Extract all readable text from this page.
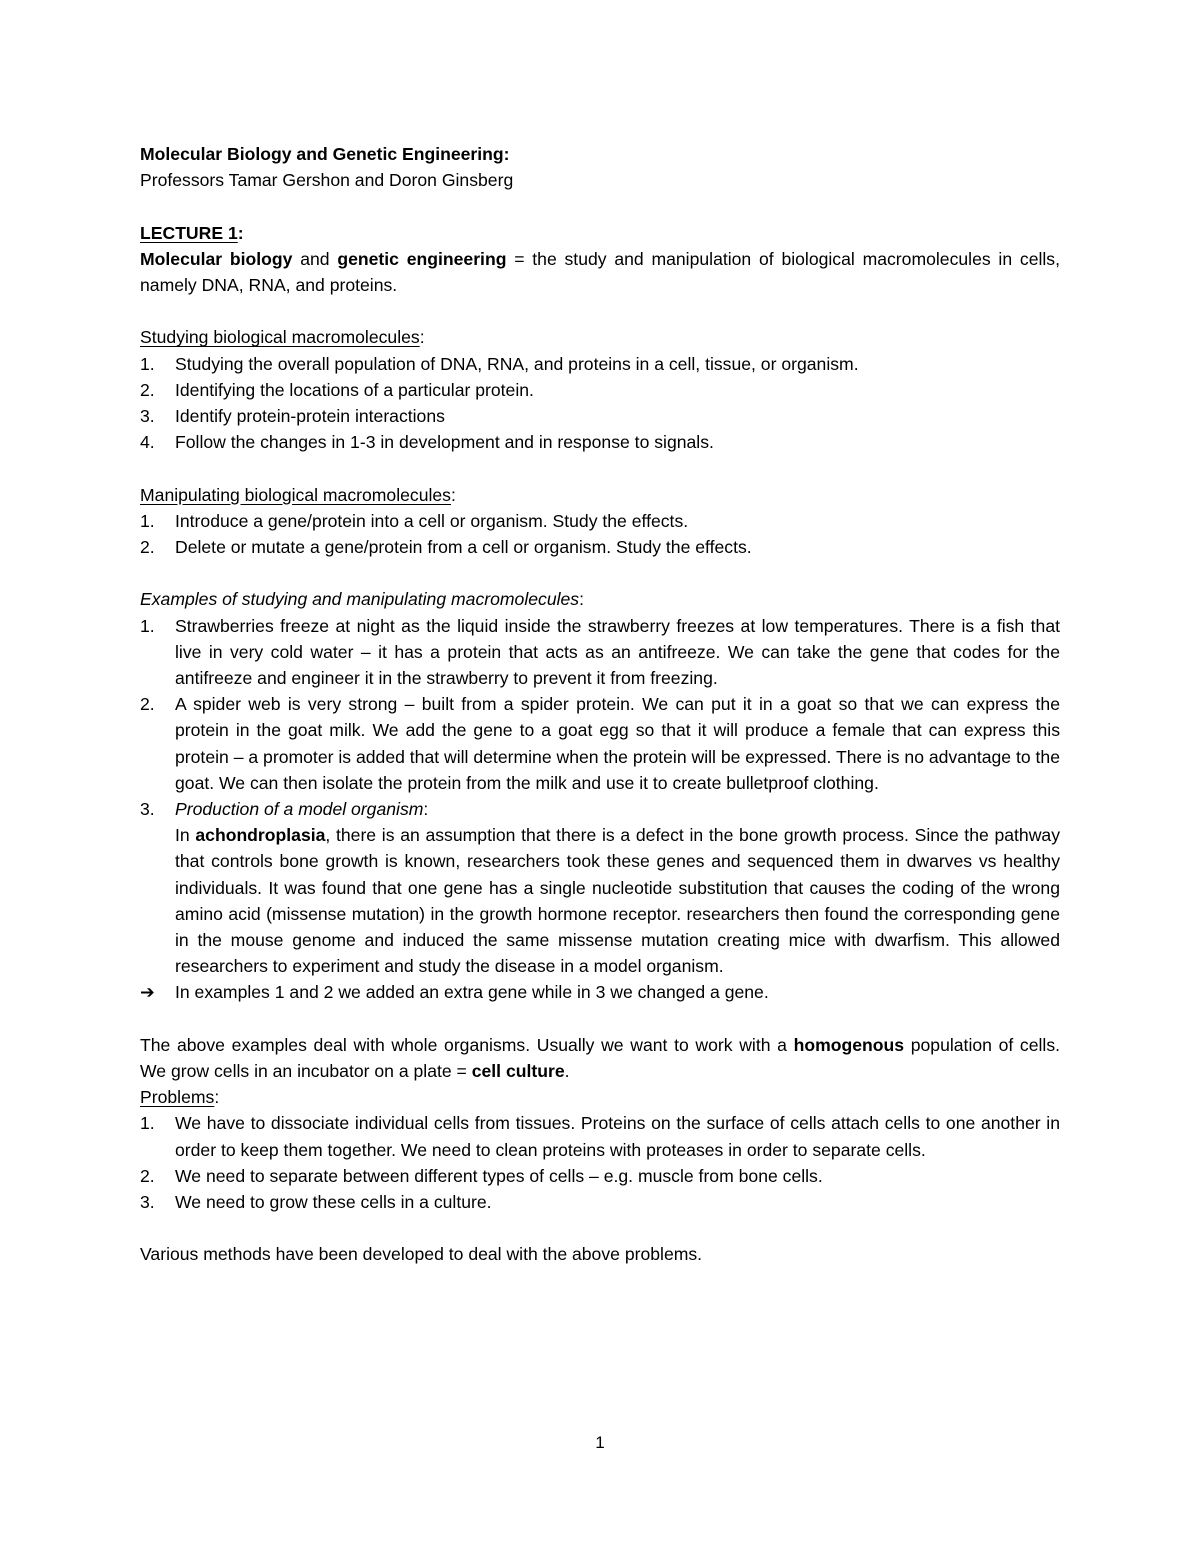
Molecular Biology and Genetic Engineering:

Professors Tamar Gershon and Doron Ginsberg

LECTURE 1:

Molecular biology and genetic engineering = the study and manipulation of biological macromolecules in cells, namely DNA, RNA, and proteins.

Studying biological macromolecules:

1. Studying the overall population of DNA, RNA, and proteins in a cell, tissue, or organism.
2. Identifying the locations of a particular protein.
3. Identify protein-protein interactions
4. Follow the changes in 1-3 in development and in response to signals.

Manipulating biological macromolecules:

1. Introduce a gene/protein into a cell or organism. Study the effects.
2. Delete or mutate a gene/protein from a cell or organism. Study the effects.

Examples of studying and manipulating macromolecules:

1. Strawberries freeze at night as the liquid inside the strawberry freezes at low temperatures. There is a fish that live in very cold water – it has a protein that acts as an antifreeze. We can take the gene that codes for the antifreeze and engineer it in the strawberry to prevent it from freezing.
2. A spider web is very strong – built from a spider protein. We can put it in a goat so that we can express the protein in the goat milk. We add the gene to a goat egg so that it will produce a female that can express this protein – a promoter is added that will determine when the protein will be expressed. There is no advantage to the goat. We can then isolate the protein from the milk and use it to create bulletproof clothing.
3. Production of a model organism:
In achondroplasia, there is an assumption that there is a defect in the bone growth process. Since the pathway that controls bone growth is known, researchers took these genes and sequenced them in dwarves vs healthy individuals. It was found that one gene has a single nucleotide substitution that causes the coding of the wrong amino acid (missense mutation) in the growth hormone receptor. researchers then found the corresponding gene in the mouse genome and induced the same missense mutation creating mice with dwarfism. This allowed researchers to experiment and study the disease in a model organism.
➔ In examples 1 and 2 we added an extra gene while in 3 we changed a gene.

The above examples deal with whole organisms. Usually we want to work with a homogenous population of cells. We grow cells in an incubator on a plate = cell culture.

Problems:

1. We have to dissociate individual cells from tissues. Proteins on the surface of cells attach cells to one another in order to keep them together. We need to clean proteins with proteases in order to separate cells.
2. We need to separate between different types of cells – e.g. muscle from bone cells.
3. We need to grow these cells in a culture.

Various methods have been developed to deal with the above problems.

1
